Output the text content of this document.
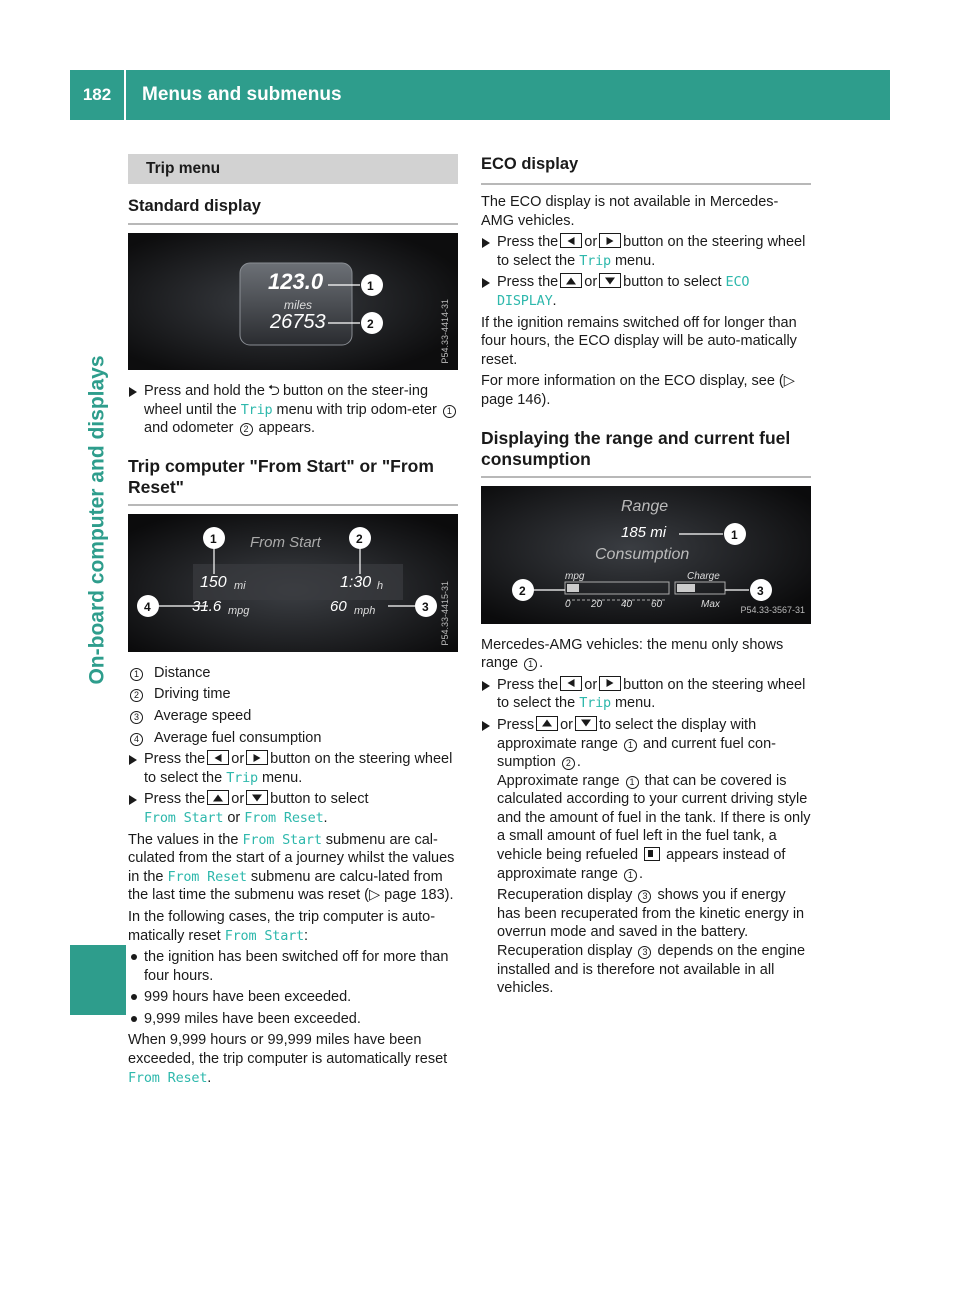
182	Menus and submenus
On-board computer and displays
Trip menu
Standard display
123.0
miles
26753
1
2	P54.33-4414-31
Press and hold the ⮌ button on the steer-ing wheel until the Trip menu with trip odom-eter 1 and odometer 2 appears.
Trip computer "From Start" or "From Reset"
From Start
150 mi	1:30 h
31.6 mpg	60 mph
1	2
3
4	P54.33-4415-31
1	Distance
2	Driving time
3	Average speed
4	Average fuel consumption
Press the or button on the steering wheel to select the Trip menu.
Press the or button to select
From Start or From Reset.

The values in the From Start submenu are cal-culated from the start of a journey whilst the values in the From Reset submenu are calcu-lated from the last time the submenu was reset (▷ page 183).

In the following cases, the trip computer is auto-matically reset From Start:

the ignition has been switched off for more than four hours.
999 hours have been exceeded.
9,999 miles have been exceeded.

When 9,999 hours or 99,999 miles have been exceeded, the trip computer is automatically reset From Reset.

ECO display

The ECO display is not available in Mercedes-AMG vehicles.

Press the or button on the steering wheel to select the Trip menu.
Press the or button to select ECO DISPLAY.

If the ignition remains switched off for longer than four hours, the ECO display will be auto-matically reset.

For more information on the ECO display, see (▷ page 146).

Displaying the range and current fuel consumption
Range
185 mi
Consumption
mpg	Charge
0 20 40 60	Max
1
2	3
P54.33-3567-31

Mercedes-AMG vehicles: the menu only shows range 1 .

Press the or button on the steering wheel to select the Trip menu.
Press or to select the display with approximate range 1 and current fuel con-sumption 2 .
Approximate range 1 that can be covered is calculated according to your current driving style and the amount of fuel in the tank. If there is only a small amount of fuel left in the fuel tank, a vehicle being refueled appears instead of approximate range 1 .
Recuperation display 3 shows you if energy has been recuperated from the kinetic energy in overrun mode and saved in the battery.
Recuperation display 3 depends on the engine installed and is therefore not available in all vehicles.
